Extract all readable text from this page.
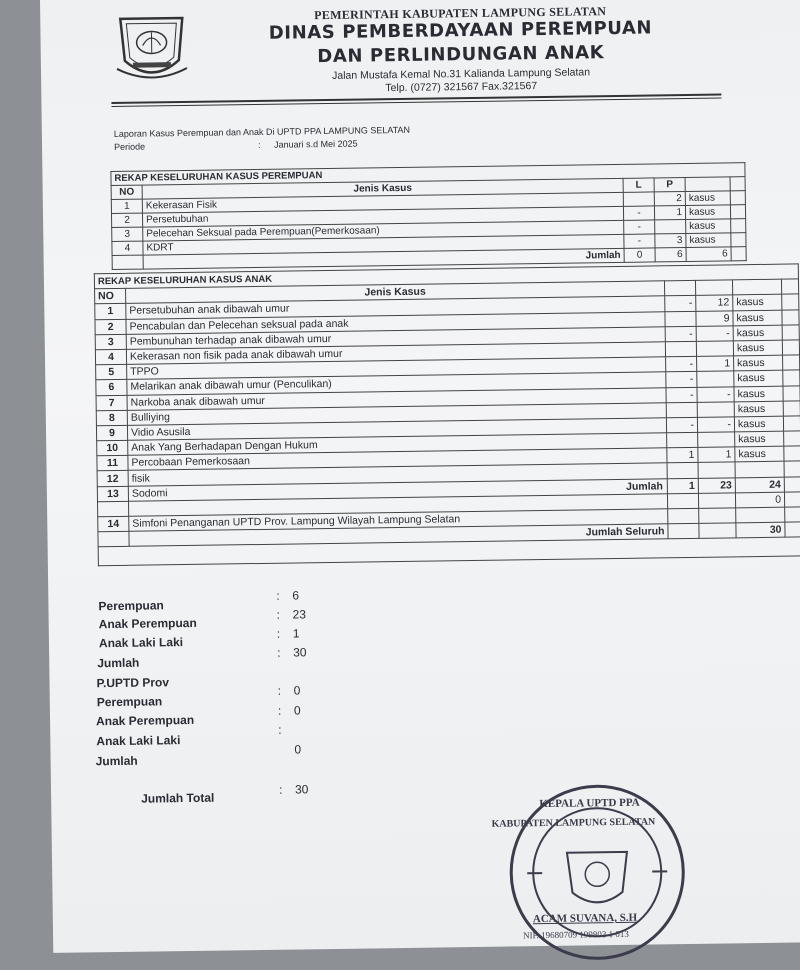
PEMERINTAH KABUPATEN LAMPUNG SELATAN
DINAS PEMBERDAYAAN PEREMPUAN
DAN PERLINDUNGAN ANAK
Jalan Mustafa Kemal No.31 Kalianda Lampung Selatan
Telp. (0727) 321567 Fax.321567
Laporan Kasus Perempuan dan Anak Di UPTD PPA LAMPUNG SELATAN
Periode	: Januari s.d Mei 2025
REKAP KESELURUHAN KASUS PEREMPUAN					
NO	Jenis Kasus	L	P		
1	Kekerasan Fisik		2	kasus	
2	Persetubuhan	-	1	kasus	
3	Pelecehan Seksual pada Perempuan(Pemerkosaan)	-		kasus	
4	KDRT	-	3	kasus	
	Jumlah	0	6	6	
REKAP KESELURUHAN KASUS ANAK					
NO	Jenis Kasus				
1	Persetubuhan anak dibawah umur	-	12	kasus	
2	Pencabulan dan Pelecehan seksual pada anak		9	kasus	
3	Pembunuhan terhadap anak dibawah umur	-	-	kasus	
4	Kekerasan non fisik pada anak dibawah umur			kasus	
5	TPPO	-	1	kasus	
6	Melarikan anak dibawah umur (Penculikan)	-		kasus	
7	Narkoba anak dibawah umur	-	-	kasus	
8	Bulliying			kasus	
9	Vidio Asusila	-	-	kasus	
10	Anak Yang Berhadapan Dengan Hukum			kasus	
11	Percobaan Pemerkosaan	1	1	kasus	
12	fisik				
13	Sodomi
Jumlah	1	23	24	
				0	
14	Simfoni Penanganan UPTD Prov. Lampung Wilayah Lampung Selatan				
	Jumlah Seluruh			30	

Perempuan
: 6
Anak Perempuan
: 23
Anak Laki Laki
: 1
Jumlah
: 30
P.UPTD Prov
Perempuan
: 0
Anak Perempuan
: 0
Anak Laki Laki
:
Jumlah
0
Jumlah Total
: 30
KEPALA UPTD PPA
KABUPATEN LAMPUNG SELATAN
ACAM SUVANA, S.H
NIP. 19680709 199803 1 013
